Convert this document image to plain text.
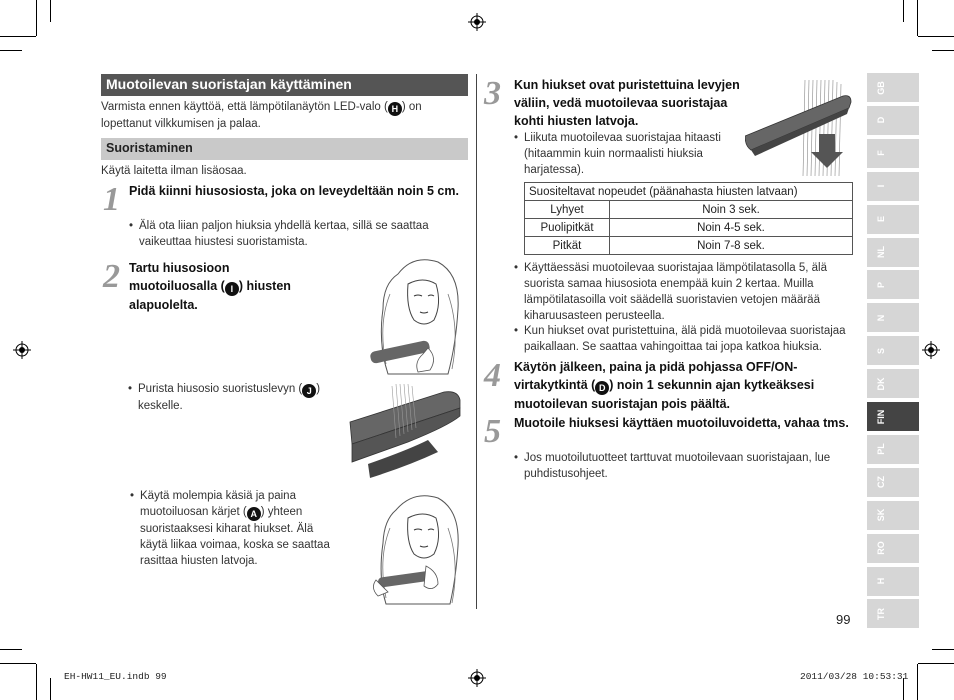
Muotoilevan suoristajan käyttäminen
Varmista ennen käyttöä, että lämpötilanäytön LED-valo ( H ) on lopettanut vilkkumisen ja palaa.
Suoristaminen
Käytä laitetta ilman lisäosaa.
1 Pidä kiinni hiusosiosta, joka on leveydeltään noin 5 cm.
• Älä ota liian paljon hiuksia yhdellä kertaa, sillä se saattaa vaikeuttaa hiustesi suoristamista.
2 Tartu hiusosioon muotoiluosalla ( I ) hiusten alapuolelta.
• Purista hiusosio suoristuslevyn ( J ) keskelle.
• Käytä molempia käsiä ja paina muotoiluosan kärjet ( A ) yhteen suoristaaksesi kiharat hiukset. Älä käytä liikaa voimaa, koska se saattaa rasittaa hiusten latvoja.
3 Kun hiukset ovat puristettuina levyjen väliin, vedä muotoilevaa suoristajaa kohti hiusten latvoja.
• Liikuta muotoilevaa suoristajaa hitaasti (hitaammin kuin normaalisti hiuksia harjatessa).
Suositeltavat nopeudet (päänahasta hiusten latvaan)	
Lyhyet	Noin 3 sek.
Puolipitkät	Noin 4-5 sek.
Pitkät	Noin 7-8 sek.
• Käyttäessäsi muotoilevaa suoristajaa lämpötilatasolla 5, älä suorista samaa hiusosiota enempää kuin 2 kertaa. Muilla lämpötilatasoilla voit säädellä suoristavien vetojen määrää kiharuusasteen perusteella.
• Kun hiukset ovat puristettuina, älä pidä muotoilevaa suoristajaa paikallaan. Se saattaa vahingoittaa tai jopa katkoa hiuksia.
4 Käytön jälkeen, paina ja pidä pohjassa OFF/ON-virtakytkintä ( D ) noin 1 sekunnin ajan kytkeäksesi muotoilevan suoristajan pois päältä.
5 Muotoile hiuksesi käyttäen muotoiluvoidetta, vahaa tms.
• Jos muotoilutuotteet tarttuvat muotoilevaan suoristajaan, lue puhdistusohjeet.
99
GB
D
F
I
E
NL
P
N
S
DK
FIN
PL
CZ
SK
RO
H
TR
EH-HW11_EU.indb 99	2011/03/28 10:53:31
